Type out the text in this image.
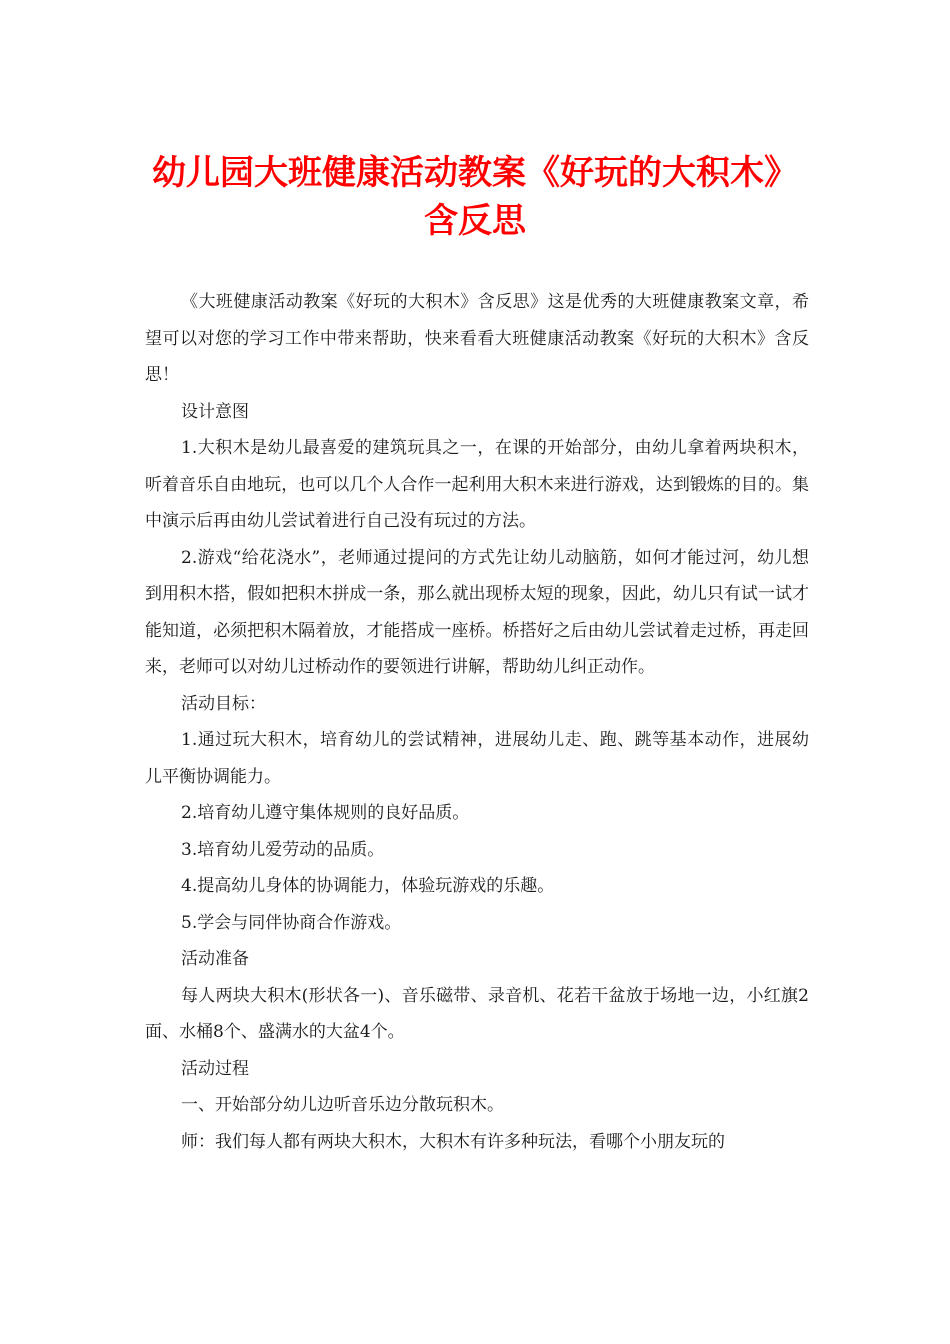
幼儿园大班健康活动教案《好玩的大积木》
含反思

《大班健康活动教案《好玩的大积木》含反思》这是优秀的大班健康教案文章，希望可以对您的学习工作中带来帮助，快来看看大班健康活动教案《好玩的大积木》含反思！

设计意图

1.大积木是幼儿最喜爱的建筑玩具之一，在课的开始部分，由幼儿拿着两块积木，听着音乐自由地玩，也可以几个人合作一起利用大积木来进行游戏，达到锻炼的目的。集中演示后再由幼儿尝试着进行自己没有玩过的方法。

2.游戏“给花浇水”，老师通过提问的方式先让幼儿动脑筋，如何才能过河，幼儿想到用积木搭，假如把积木拼成一条，那么就出现桥太短的现象，因此，幼儿只有试一试才能知道，必须把积木隔着放，才能搭成一座桥。桥搭好之后由幼儿尝试着走过桥，再走回来，老师可以对幼儿过桥动作的要领进行讲解，帮助幼儿纠正动作。

活动目标：

1.通过玩大积木，培育幼儿的尝试精神，进展幼儿走、跑、跳等基本动作，进展幼儿平衡协调能力。

2.培育幼儿遵守集体规则的良好品质。

3.培育幼儿爱劳动的品质。

4.提高幼儿身体的协调能力，体验玩游戏的乐趣。

5.学会与同伴协商合作游戏。

活动准备

每人两块大积木(形状各一)、音乐磁带、录音机、花若干盆放于场地一边，小红旗2面、水桶8个、盛满水的大盆4个。

活动过程

一、开始部分幼儿边听音乐边分散玩积木。

师：我们每人都有两块大积木，大积木有许多种玩法，看哪个小朋友玩的
